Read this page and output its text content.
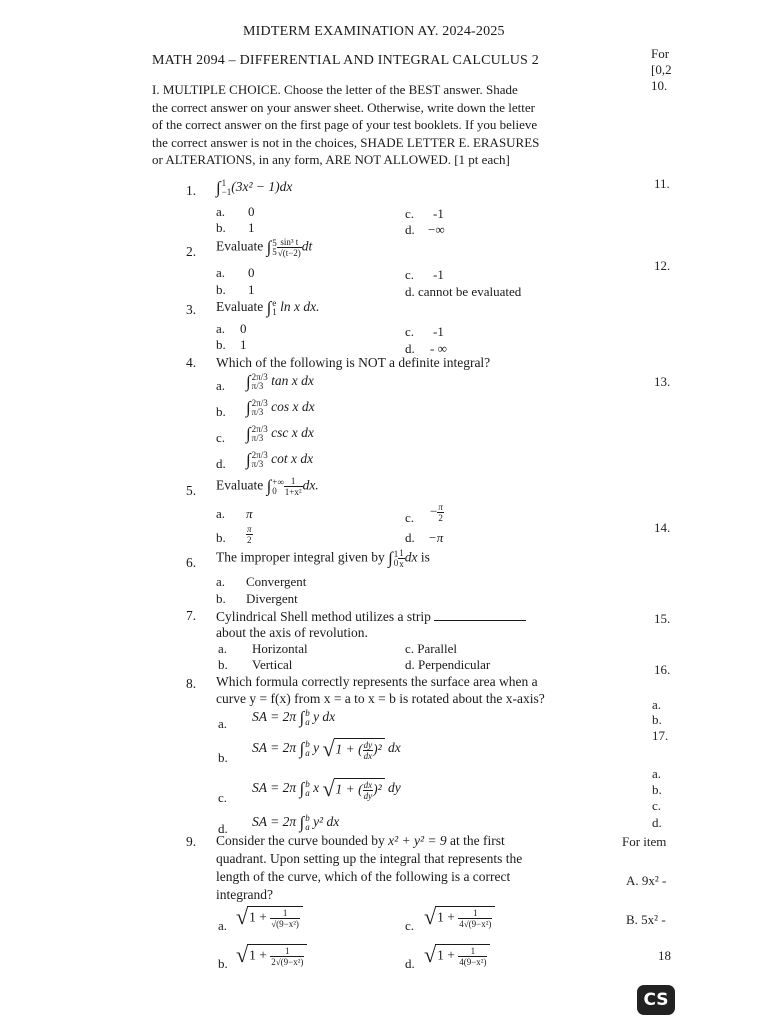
MIDTERM EXAMINATION AY. 2024-2025
MATH 2094 – DIFFERENTIAL AND INTEGRAL CALCULUS 2
I. MULTIPLE CHOICE. Choose the letter of the BEST answer. Shade
the correct answer on your answer sheet. Otherwise, write down the letter
of the correct answer on the first page of your test booklets. If you believe
the correct answer is not in the choices, SHADE LETTER E. ERASURES
or ALTERATIONS, in any form, ARE NOT ALLOWED. [1 pt each]
1. ∫ 1
−1 (3x² − 1)dx
a. 0
b. 1
c. -1
d. −∞
2. Evaluate ∫ 5
$5 \frac{\text{sin³ t}}{√(t-2)}$ dt
a. 0
b. 1
c. -1
d. cannot be evaluated
3. Evaluate ∫ e
1 ln x dx.
a. 0
b. 1
c. -1
d. - ∞
4. Which of the following is NOT a definite integral?
a. ∫ 2π/3
π/3 tan x dx
b. ∫ 2π/3
π/3 cos x dx
c. ∫ 2π/3
π/3 csc x dx
d. ∫ 2π/3
π/3 cot x dx
5. Evaluate ∫ +∞
$0 \frac{1}{\text{1+x²}}$ dx.
a. π
b. $\frac{\pi}{2}$
c. − $\frac{\pi}{2}$
d. −π
6. The improper integral given by ∫ 1
$0 \frac{1}{x}$ dx is
a. Convergent
b. Divergent
7. Cylindrical Shell method utilizes a strip
about the axis of revolution.
a. Horizontal
b. Vertical
c. Parallel
d. Perpendicular
8. Which formula correctly represents the surface area when a
curve y = f(x) from x = a to x = b is rotated about the x-axis?
a. SA = 2π ∫ b
a y dx
b.
SA = 2π ∫ b
a y √1 + ( $\frac{dy}{dx} )^2$ dx
c.
SA = 2π ∫ b
a x √1 + ( $\frac{dx}{dy} )^2$ dy
d. SA = 2π ∫ b
a y² dx
9. Consider the curve bounded by x² + y² = 9 at the first
quadrant. Upon setting up the integral that represents the
length of the curve, which of the following is a correct
integrand?
a. $√1 + \frac{1}{\text{√(9−x²)}}$	c. $√1 + \frac{1}{\text{4√(9−x²)}}$
b. $√1 + \frac{1}{\text{2√(9−x²)}}$	d. $√1 + \frac{1}{\text{4(9−x²)}}$
For
[0,2
10.
11.
12.
13.
14.
15.
16.
a.
b.
17.
a.
b.
c.
d.
For item
A. 9x² -
B. 5x² -
18
CS
